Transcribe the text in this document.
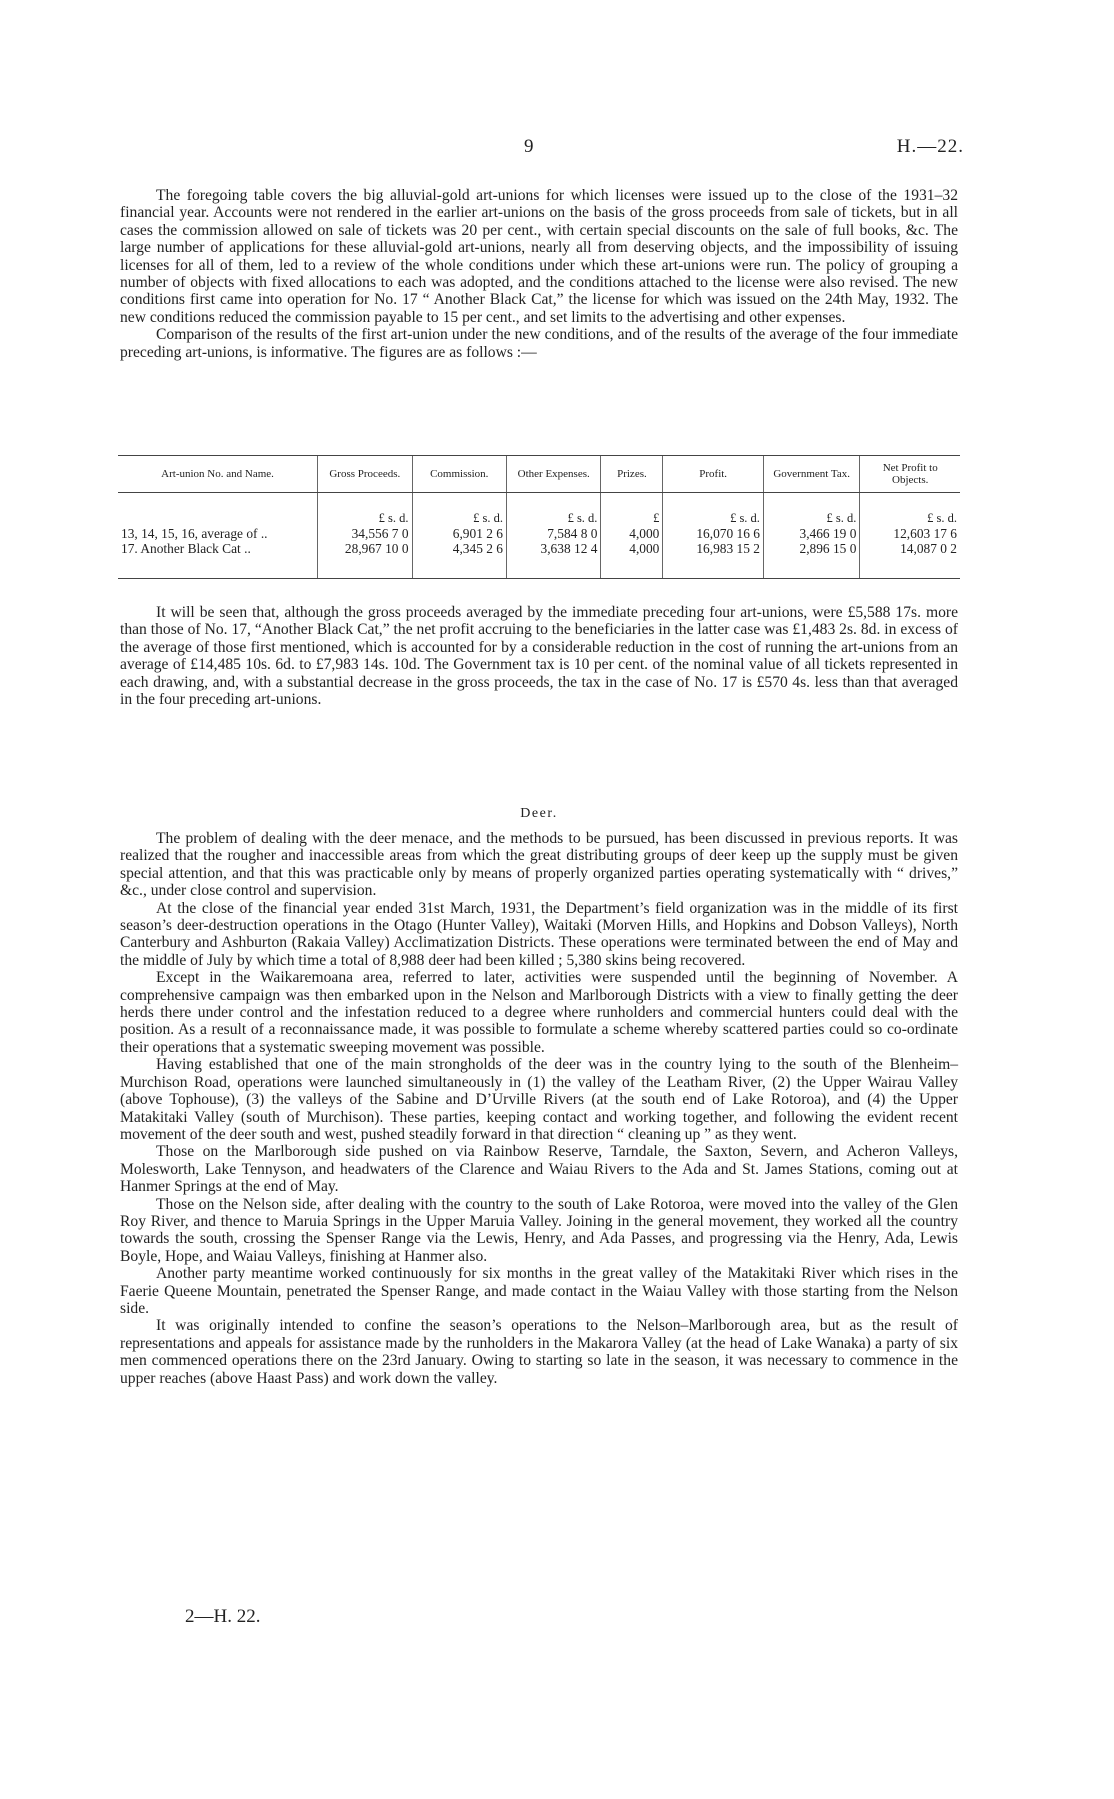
9	H.—22.

The foregoing table covers the big alluvial-gold art-unions for which licenses were issued up to the close of the 1931–32 financial year. Accounts were not rendered in the earlier art-unions on the basis of the gross proceeds from sale of tickets, but in all cases the commission allowed on sale of tickets was 20 per cent., with certain special discounts on the sale of full books, &c. The large number of applications for these alluvial-gold art-unions, nearly all from deserving objects, and the impossibility of issuing licenses for all of them, led to a review of the whole conditions under which these art-unions were run. The policy of grouping a number of objects with fixed allocations to each was adopted, and the conditions attached to the license were also revised. The new conditions first came into operation for No. 17 “ Another Black Cat,” the license for which was issued on the 24th May, 1932. The new conditions reduced the commission payable to 15 per cent., and set limits to the advertising and other expenses.

Comparison of the results of the first art-union under the new conditions, and of the results of the average of the four immediate preceding art-unions, is informative. The figures are as follows :—

Art-union No. and Name.	Gross Proceeds.	Commission.	Other Expenses.	Prizes.	Profit.	Government Tax.	Net Profit to Objects.
	£ s. d.	£ s. d.	£ s. d.	£	£ s. d.	£ s. d.	£ s. d.
13, 14, 15, 16, average of ..	34,556 7 0	6,901 2 6	7,584 8 0	4,000	16,070 16 6	3,466 19 0	12,603 17 6
17. Another Black Cat ..	28,967 10 0	4,345 2 6	3,638 12 4	4,000	16,983 15 2	2,896 15 0	14,087 0 2

It will be seen that, although the gross proceeds averaged by the immediate preceding four art-unions, were £5,588 17s. more than those of No. 17, “Another Black Cat,” the net profit accruing to the beneficiaries in the latter case was £1,483 2s. 8d. in excess of the average of those first mentioned, which is accounted for by a considerable reduction in the cost of running the art-unions from an average of £14,485 10s. 6d. to £7,983 14s. 10d. The Government tax is 10 per cent. of the nominal value of all tickets represented in each drawing, and, with a substantial decrease in the gross proceeds, the tax in the case of No. 17 is £570 4s. less than that averaged in the four preceding art-unions.

Deer.

The problem of dealing with the deer menace, and the methods to be pursued, has been discussed in previous reports. It was realized that the rougher and inaccessible areas from which the great distributing groups of deer keep up the supply must be given special attention, and that this was practicable only by means of properly organized parties operating systematically with “ drives,” &c., under close control and supervision.

At the close of the financial year ended 31st March, 1931, the Department’s field organization was in the middle of its first season’s deer-destruction operations in the Otago (Hunter Valley), Waitaki (Morven Hills, and Hopkins and Dobson Valleys), North Canterbury and Ashburton (Rakaia Valley) Acclimatization Districts. These operations were terminated between the end of May and the middle of July by which time a total of 8,988 deer had been killed ; 5,380 skins being recovered.

Except in the Waikaremoana area, referred to later, activities were suspended until the beginning of November. A comprehensive campaign was then embarked upon in the Nelson and Marlborough Districts with a view to finally getting the deer herds there under control and the infestation reduced to a degree where runholders and commercial hunters could deal with the position. As a result of a reconnaissance made, it was possible to formulate a scheme whereby scattered parties could so co-ordinate their operations that a systematic sweeping movement was possible.

Having established that one of the main strongholds of the deer was in the country lying to the south of the Blenheim–Murchison Road, operations were launched simultaneously in (1) the valley of the Leatham River, (2) the Upper Wairau Valley (above Tophouse), (3) the valleys of the Sabine and D’Urville Rivers (at the south end of Lake Rotoroa), and (4) the Upper Matakitaki Valley (south of Murchison). These parties, keeping contact and working together, and following the evident recent movement of the deer south and west, pushed steadily forward in that direction “ cleaning up ” as they went.

Those on the Marlborough side pushed on via Rainbow Reserve, Tarndale, the Saxton, Severn, and Acheron Valleys, Molesworth, Lake Tennyson, and headwaters of the Clarence and Waiau Rivers to the Ada and St. James Stations, coming out at Hanmer Springs at the end of May.

Those on the Nelson side, after dealing with the country to the south of Lake Rotoroa, were moved into the valley of the Glen Roy River, and thence to Maruia Springs in the Upper Maruia Valley. Joining in the general movement, they worked all the country towards the south, crossing the Spenser Range via the Lewis, Henry, and Ada Passes, and progressing via the Henry, Ada, Lewis Boyle, Hope, and Waiau Valleys, finishing at Hanmer also.

Another party meantime worked continuously for six months in the great valley of the Matakitaki River which rises in the Faerie Queene Mountain, penetrated the Spenser Range, and made contact in the Waiau Valley with those starting from the Nelson side.

It was originally intended to confine the season’s operations to the Nelson–Marlborough area, but as the result of representations and appeals for assistance made by the runholders in the Makarora Valley (at the head of Lake Wanaka) a party of six men commenced operations there on the 23rd January. Owing to starting so late in the season, it was necessary to commence in the upper reaches (above Haast Pass) and work down the valley.

2—H. 22.
